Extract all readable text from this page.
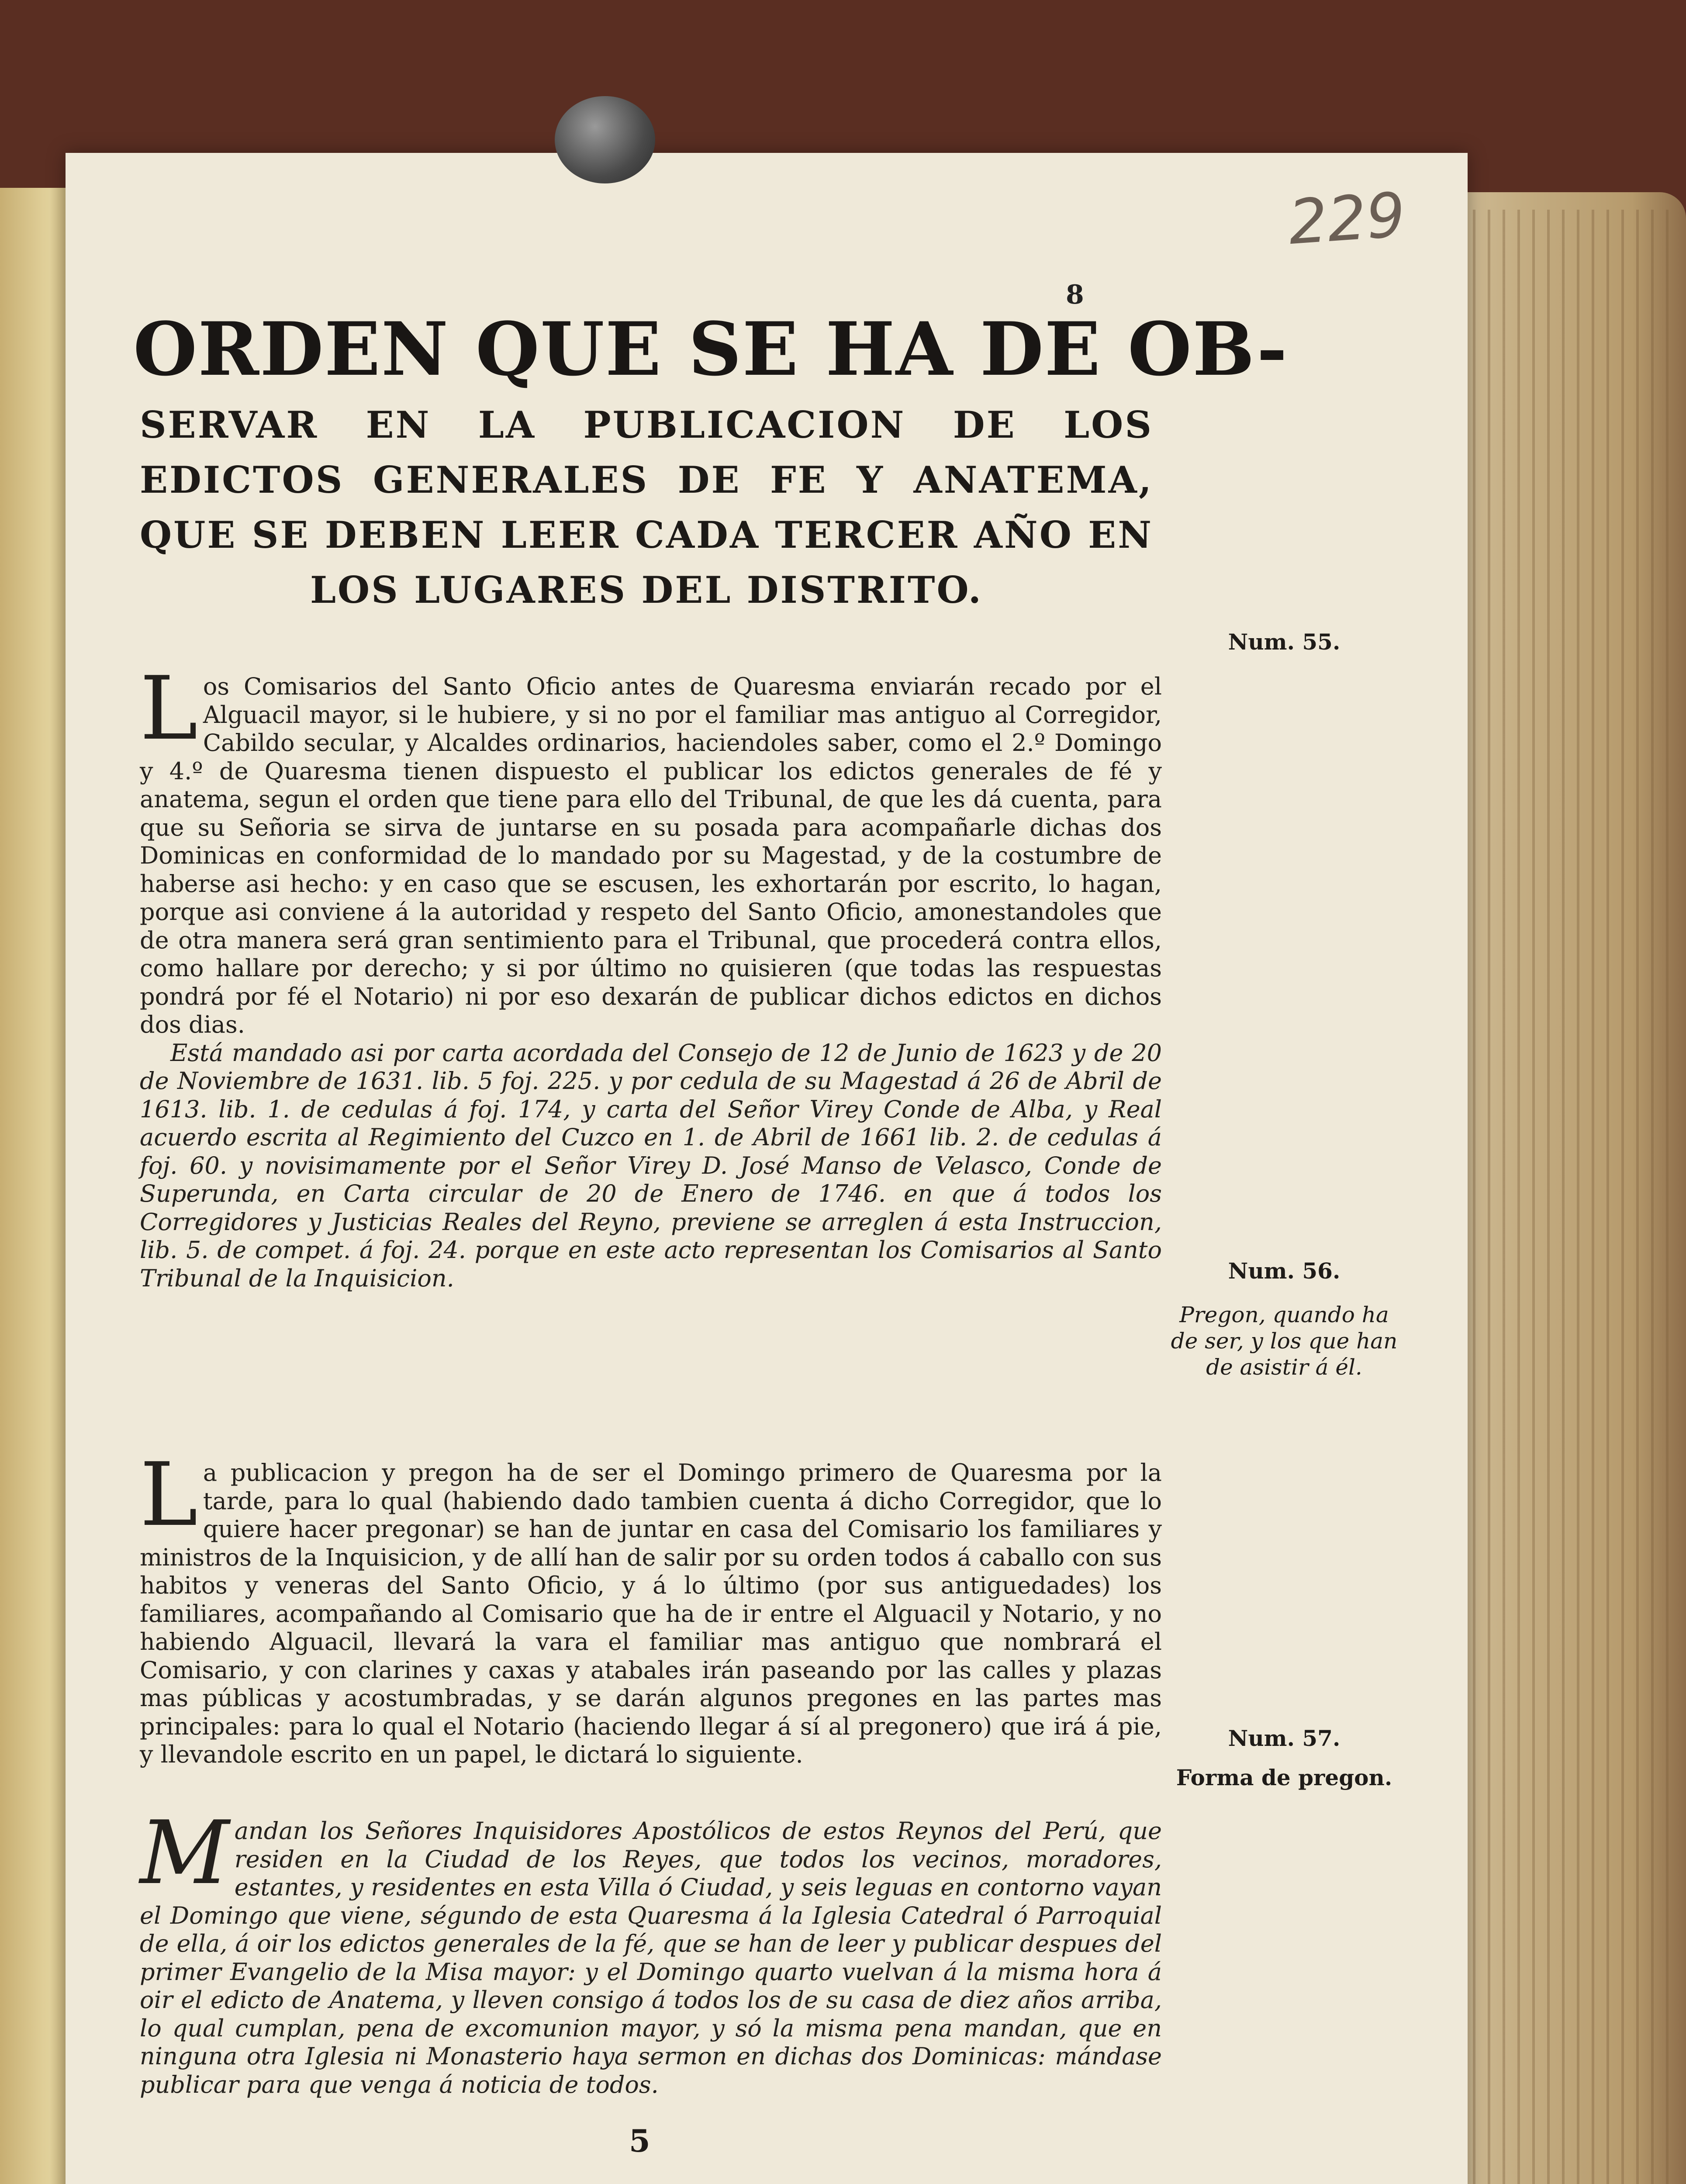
229
8
ORDEN QUE SE HA DE OB-
SERVAR EN LA PUBLICACION DE LOS EDICTOS GENERALES DE FE Y ANATEMA, QUE SE DEBEN LEER CADA TERCER AÑO EN LOS LUGARES DEL DISTRITO.
Num. 55.

L os Comisarios del Santo Oficio antes de Quaresma enviarán recado por el Alguacil mayor, si le hubiere, y si no por el familiar mas antiguo al Corregidor, Cabildo secular, y Alcaldes ordinarios, haciendoles saber, como el 2.º Domingo y 4.º de Quaresma tienen dispuesto el publicar los edictos generales de fé y anatema, segun el orden que tiene para ello del Tribunal, de que les dá cuenta, para que su Señoria se sirva de juntarse en su posada para acompañarle dichas dos Dominicas en conformidad de lo mandado por su Magestad, y de la costumbre de haberse asi hecho: y en caso que se escusen, les exhortarán por escrito, lo hagan, porque asi conviene á la autoridad y respeto del Santo Oficio, amonestandoles que de otra manera será gran sentimiento para el Tribunal, que procederá contra ellos, como hallare por derecho; y si por último no quisieren (que todas las respuestas pondrá por fé el Notario) ni por eso dexarán de publicar dichos edictos en dichos dos dias.
Está mandado asi por carta acordada del Consejo de 12 de Junio de 1623 y de 20 de Noviembre de 1631. lib. 5 foj. 225. y por cedula de su Magestad á 26 de Abril de 1613. lib. 1. de cedulas á foj. 174, y carta del Señor Virey Conde de Alba, y Real acuerdo escrita al Regimiento del Cuzco en 1. de Abril de 1661 lib. 2. de cedulas á foj. 60. y novisimamente por el Señor Virey D. José Manso de Velasco, Conde de Superunda, en Carta circular de 20 de Enero de 1746. en que á todos los Corregidores y Justicias Reales del Reyno, previene se arreglen á esta Instruccion, lib. 5. de compet. á foj. 24. porque en este acto representan los Comisarios al Santo Tribunal de la Inquisicion.	Num. 56.
Pregon, quando ha de ser, y los que han de asistir á él.

L a publicacion y pregon ha de ser el Domingo primero de Quaresma por la tarde, para lo qual (habiendo dado tambien cuenta á dicho Corregidor, que lo quiere hacer pregonar) se han de juntar en casa del Comisario los familiares y ministros de la Inquisicion, y de allí han de salir por su orden todos á caballo con sus habitos y veneras del Santo Oficio, y á lo último (por sus antiguedades) los familiares, acompañando al Comisario que ha de ir entre el Alguacil y Notario, y no habiendo Alguacil, llevará la vara el familiar mas antiguo que nombrará el Comisario, y con clarines y caxas y atabales irán paseando por las calles y plazas mas públicas y acostumbradas, y se darán algunos pregones en las partes mas principales: para lo qual el Notario (haciendo llegar á sí al pregonero) que irá á pie, y llevandole escrito en un papel, le dictará lo siguiente.

Num. 57.
Forma de pregon.

M andan los Señores Inquisidores Apostólicos de estos Reynos del Perú, que residen en la Ciudad de los Reyes, que todos los vecinos, moradores, estantes, y residentes en esta Villa ó Ciudad, y seis leguas en contorno vayan el Domingo que viene, ségundo de esta Quaresma á la Iglesia Catedral ó Parroquial de ella, á oir los edictos generales de la fé, que se han de leer y publicar despues del primer Evangelio de la Misa mayor: y el Domingo quarto vuelvan á la misma hora á oir el edicto de Anatema, y lleven consigo á todos los de su casa de diez años arriba, lo qual cumplan, pena de excomunion mayor, y só la misma pena mandan, que en ninguna otra Iglesia ni Monasterio haya sermon en dichas dos Dominicas: mándase publicar para que venga á noticia de todos.

5
